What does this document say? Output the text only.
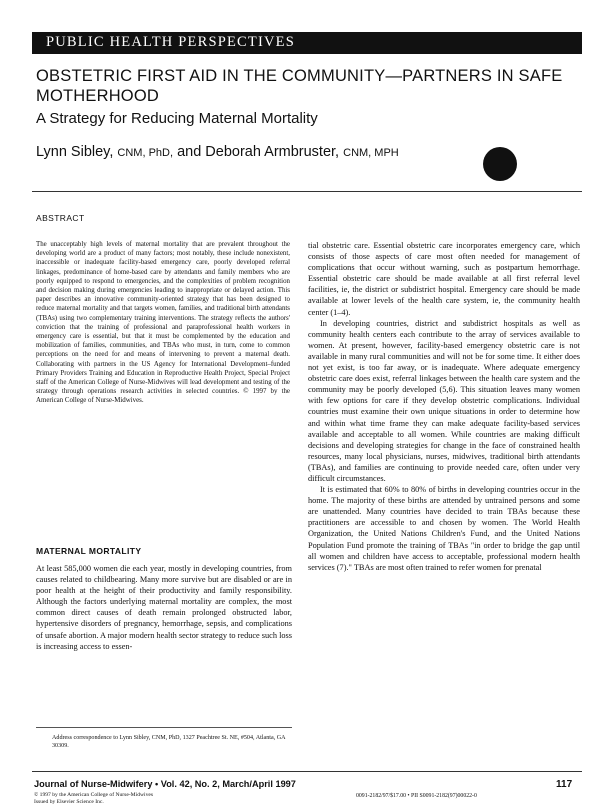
PUBLIC HEALTH PERSPECTIVES
OBSTETRIC FIRST AID IN THE COMMUNITY—PARTNERS IN SAFE MOTHERHOOD
A Strategy for Reducing Maternal Mortality
Lynn Sibley, CNM, PhD, and Deborah Armbruster, CNM, MPH
ABSTRACT

The unacceptably high levels of maternal mortality that are prevalent throughout the developing world are a product of many factors; most notably, these include nonexistent, inaccessible or inadequate facility-based emergency care, poorly developed referral linkages, predominance of home-based care by attendants and family members who are poorly equipped to respond to emergencies, and the complexities of problem recognition and decision making during emergencies leading to inappropriate or delayed action. This paper describes an innovative community-oriented strategy that has been designed to reduce maternal mortality and that targets women, families, and traditional birth attendants (TBAs) using two complementary training interventions. The strategy reflects the authors' conviction that the training of professional and paraprofessional health workers in emergency care is essential, but that it must be complemented by the education and mobilization of families, communities, and TBAs who must, in turn, come to common perceptions on the need for and means of intervening to prevent a maternal death. Collaborating with partners in the US Agency for International Development–funded Primary Providers Training and Education in Reproductive Health Project, Special Project staff of the American College of Nurse-Midwives will lead development and testing of the strategy through operations research activities in selected countries. © 1997 by the American College of Nurse-Midwives.

MATERNAL MORTALITY

At least 585,000 women die each year, mostly in developing countries, from causes related to childbearing. Many more survive but are disabled or are in poor health at the height of their productivity and family responsibility. Although the factors underlying maternal mortality are complex, the most common direct causes of death remain prolonged obstructed labor, hypertensive disorders of pregnancy, hemorrhage, sepsis, and complications of unsafe abortion. A major modern health sector strategy to reduce such loss is increasing access to essen-

Address correspondence to Lynn Sibley, CNM, PhD, 1327 Peachtree St. NE, #504, Atlanta, GA 30309.

tial obstetric care. Essential obstetric care incorporates emergency care, which consists of those aspects of care most often needed for management of complications that occur without warning, such as postpartum hemorrhage. Essential obstetric care should be made available at all first referral level facilities, ie, the district or subdistrict hospital. Emergency care should be made available at lower levels of the health care system, ie, the community health center (1–4).

In developing countries, district and subdistrict hospitals as well as community health centers each contribute to the array of services available to women. At present, however, facility-based emergency obstetric care is not available in many rural communities and will not be for some time. It either does not yet exist, is too far away, or is inadequate. Where adequate emergency obstetric care does exist, referral linkages between the health care system and the community may be poorly developed (5,6). This situation leaves many women with few options for care if they develop obstetric complications. Individual countries must examine their own unique situations in order to determine how and within what time frame they can make adequate facility-based services available and acceptable to all women. While countries are making difficult decisions and developing strategies for change in the face of constrained health resources, many local physicians, nurses, midwives, traditional birth attendants (TBAs), and families are continuing to provide needed care, often under very difficult circumstances.

It is estimated that 60% to 80% of births in developing countries occur in the home. The majority of these births are attended by untrained persons and some are unattended. Many countries have decided to train TBAs because these practitioners are accessible to and chosen by women. The World Health Organization, the United Nations Children's Fund, and the United Nations Population Fund promote the training of TBAs "in order to bridge the gap until all women and children have access to acceptable, professional modern health services (7)." TBAs are most often trained to refer women for prenatal

Journal of Nurse-Midwifery • Vol. 42, No. 2, March/April 1997	117
© 1997 by the American College of Nurse-Midwives
Issued by Elsevier Science Inc.
0091-2182/97/$17.00 • PII S0091-2182(97)00022-0
